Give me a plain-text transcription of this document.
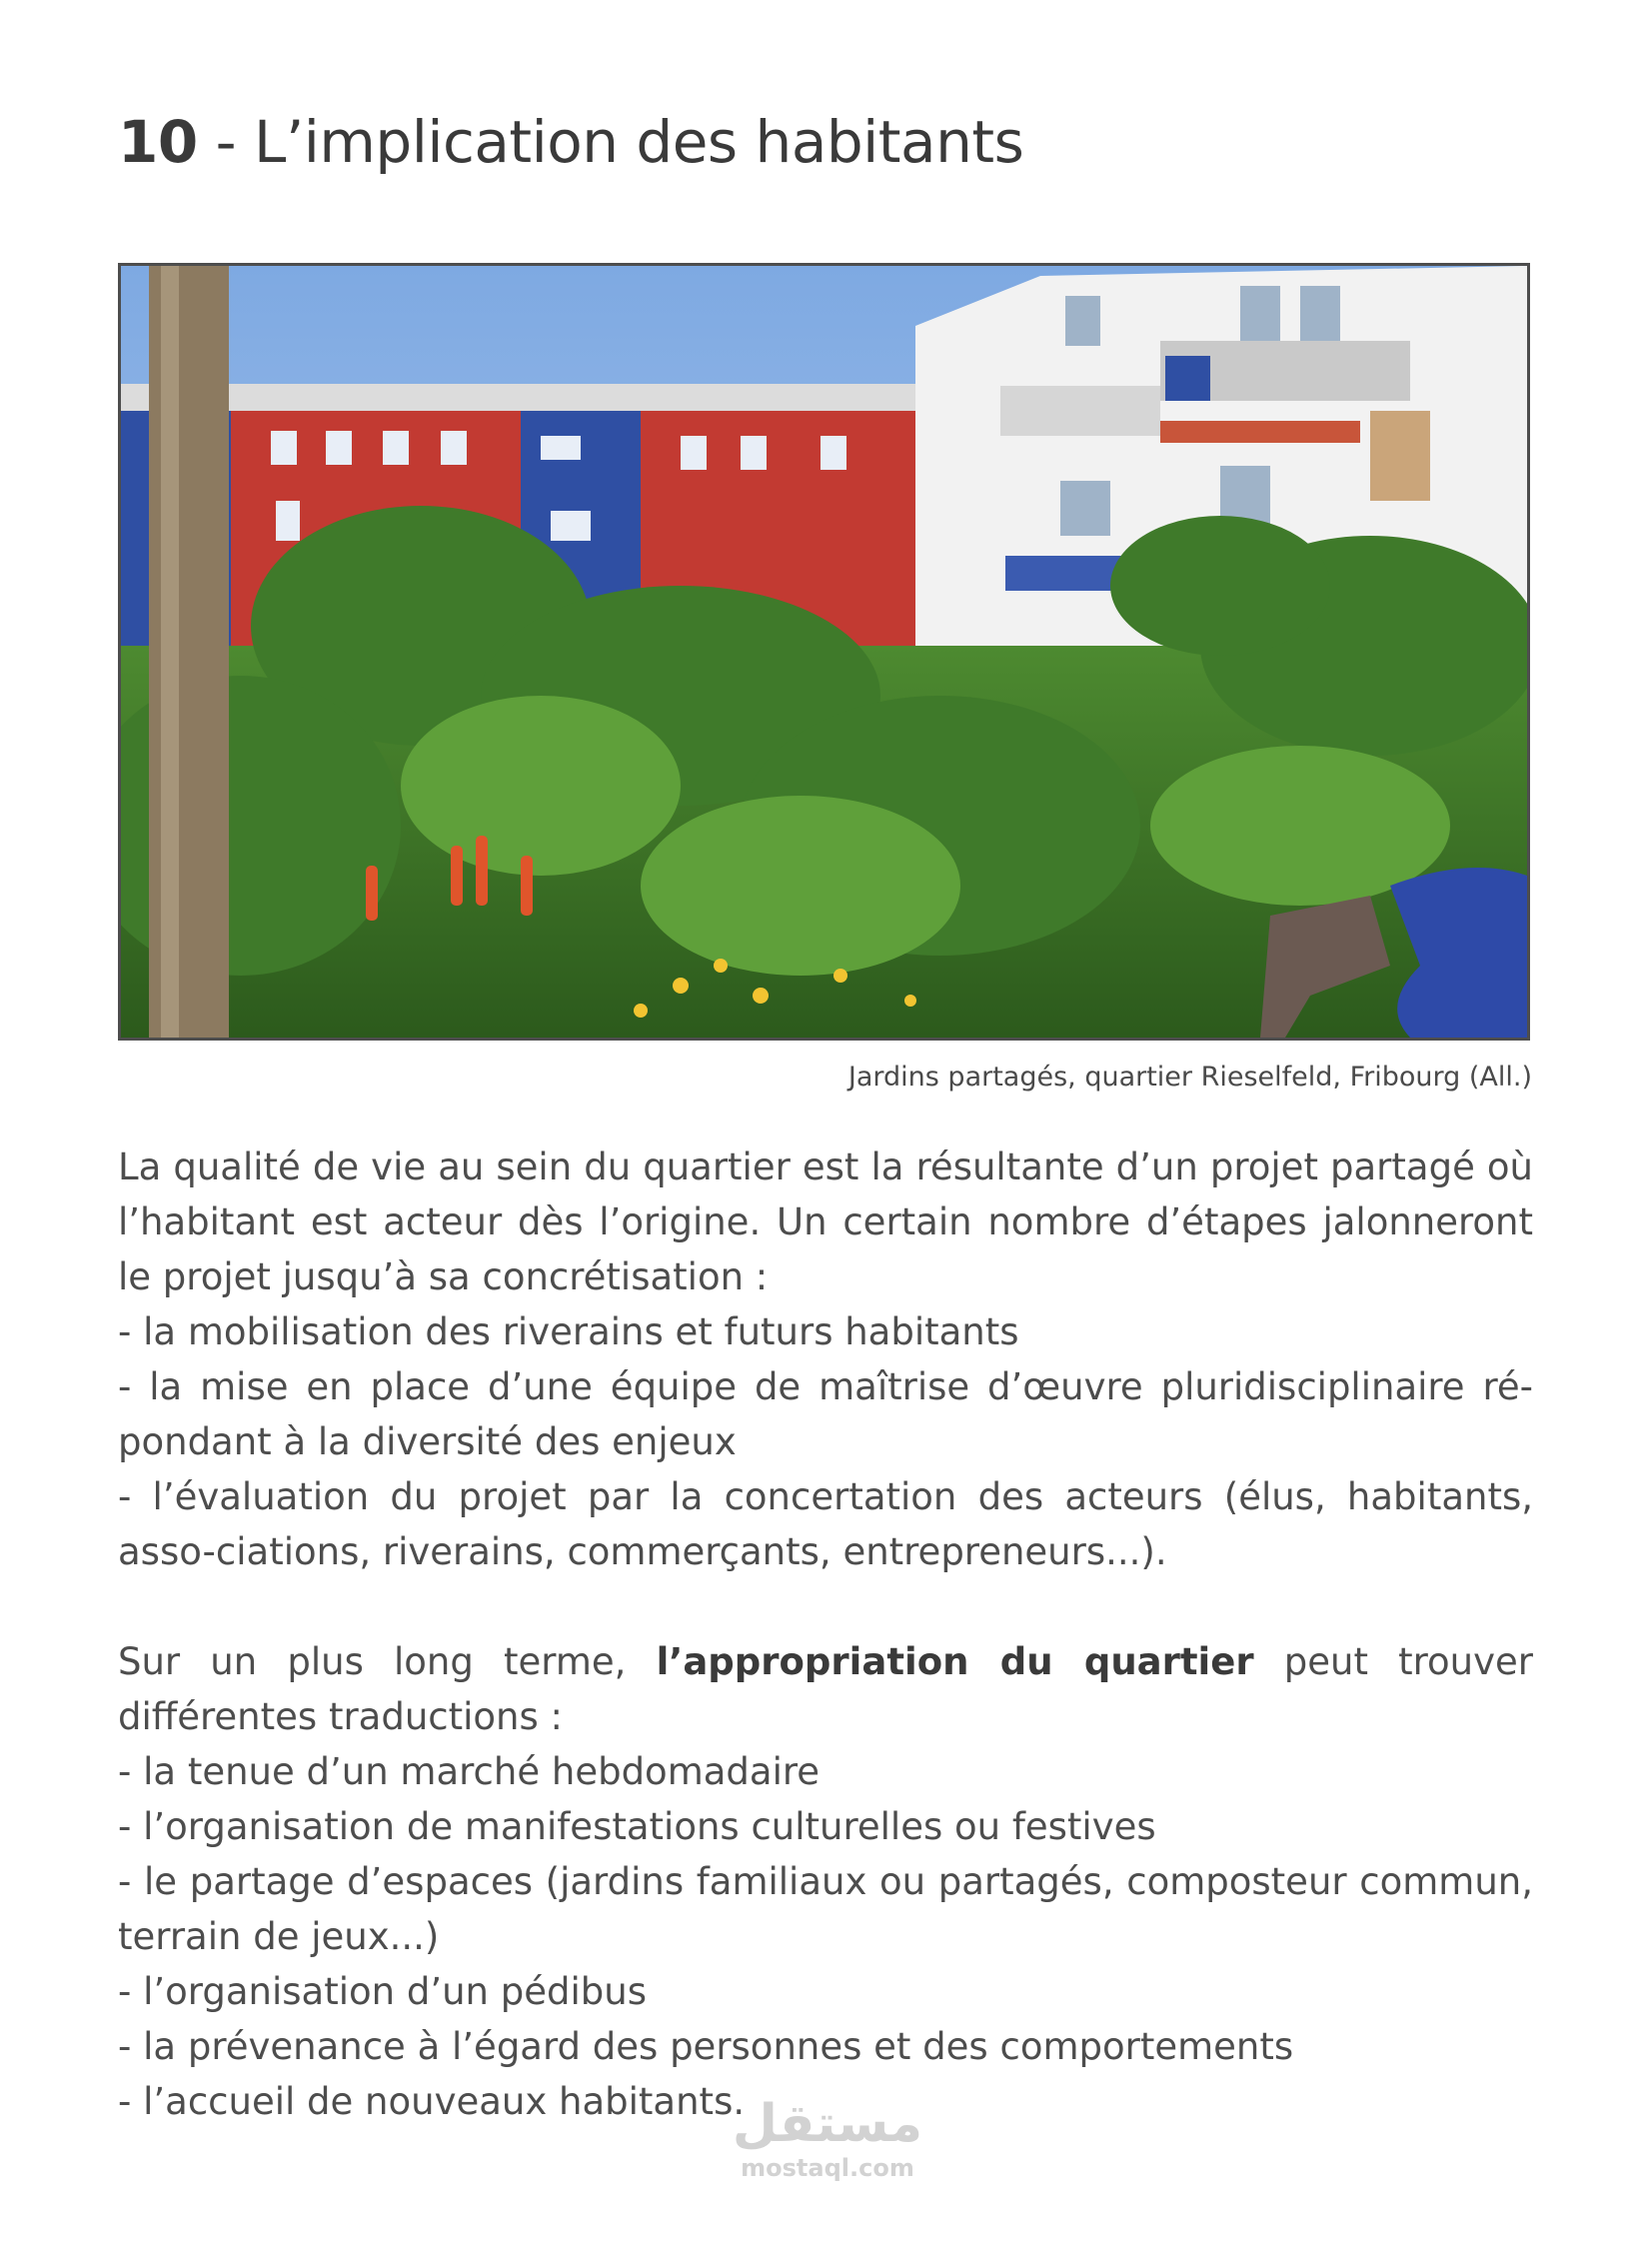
10 - L’implication des habitants
Jardins partagés, quartier Rieselfeld, Fribourg (All.)

La qualité de vie au sein du quartier est la résultante d’un projet partagé où l’habitant est acteur dès l’origine. Un certain nombre d’étapes jalonneront le projet jusqu’à sa concrétisation :

- la mobilisation des riverains et futurs habitants

- la mise en place d’une équipe de maîtrise d’œuvre pluridisciplinaire ré-pondant à la diversité des enjeux

- l’évaluation du projet par la concertation des acteurs (élus, habitants, asso-ciations, riverains, commerçants, entrepreneurs...).

Sur un plus long terme, l’appropriation du quartier peut trouver différentes traductions :

- la tenue d’un marché hebdomadaire

- l’organisation de manifestations culturelles ou festives

- le partage d’espaces (jardins familiaux ou partagés, composteur commun, terrain de jeux...)

- l’organisation d’un pédibus

- la prévenance à l’égard des personnes et des comportements

- l’accueil de nouveaux habitants.

مستقل
mostaql.com
